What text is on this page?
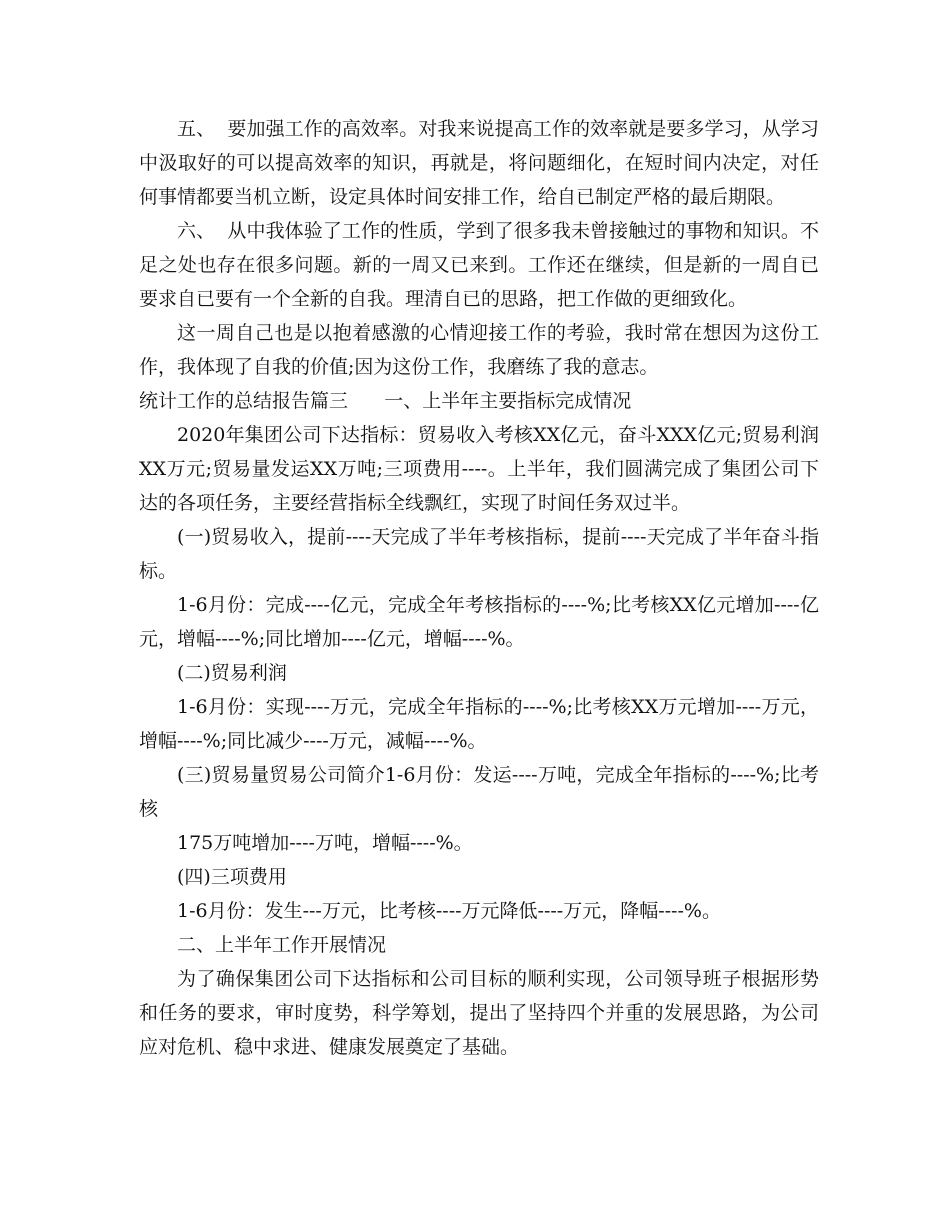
五、  要加强工作的高效率。对我来说提高工作的效率就是要多学习，从学习中汲取好的可以提高效率的知识，再就是，将问题细化，在短时间内决定，对任何事情都要当机立断，设定具体时间安排工作，给自已制定严格的最后期限。

六、  从中我体验了工作的性质，学到了很多我未曾接触过的事物和知识。不足之处也存在很多问题。新的一周又已来到。工作还在继续，但是新的一周自已要求自已要有一个全新的自我。理清自已的思路，把工作做的更细致化。

这一周自己也是以抱着感激的心情迎接工作的考验，我时常在想因为这份工作，我体现了自我的价值;因为这份工作，我磨练了我的意志。

统计工作的总结报告篇三      一、上半年主要指标完成情况

2020年集团公司下达指标：贸易收入考核XX亿元，奋斗XXX亿元;贸易利润XX万元;贸易量发运XX万吨;三项费用----。上半年，我们圆满完成了集团公司下达的各项任务，主要经营指标全线飘红，实现了时间任务双过半。

(一)贸易收入，提前----天完成了半年考核指标，提前----天完成了半年奋斗指标。

1-6月份：完成----亿元，完成全年考核指标的----%;比考核XX亿元增加----亿元，增幅----%;同比增加----亿元，增幅----%。

(二)贸易利润

1-6月份：实现----万元，完成全年指标的----%;比考核XX万元增加----万元，增幅----%;同比减少----万元，减幅----%。

(三)贸易量贸易公司简介1-6月份：发运----万吨，完成全年指标的----%;比考核

175万吨增加----万吨，增幅----%。

(四)三项费用

1-6月份：发生---万元，比考核----万元降低----万元，降幅----%。

二、上半年工作开展情况

为了确保集团公司下达指标和公司目标的顺利实现，公司领导班子根据形势和任务的要求，审时度势，科学筹划，提出了坚持四个并重的发展思路，为公司应对危机、稳中求进、健康发展奠定了基础。
